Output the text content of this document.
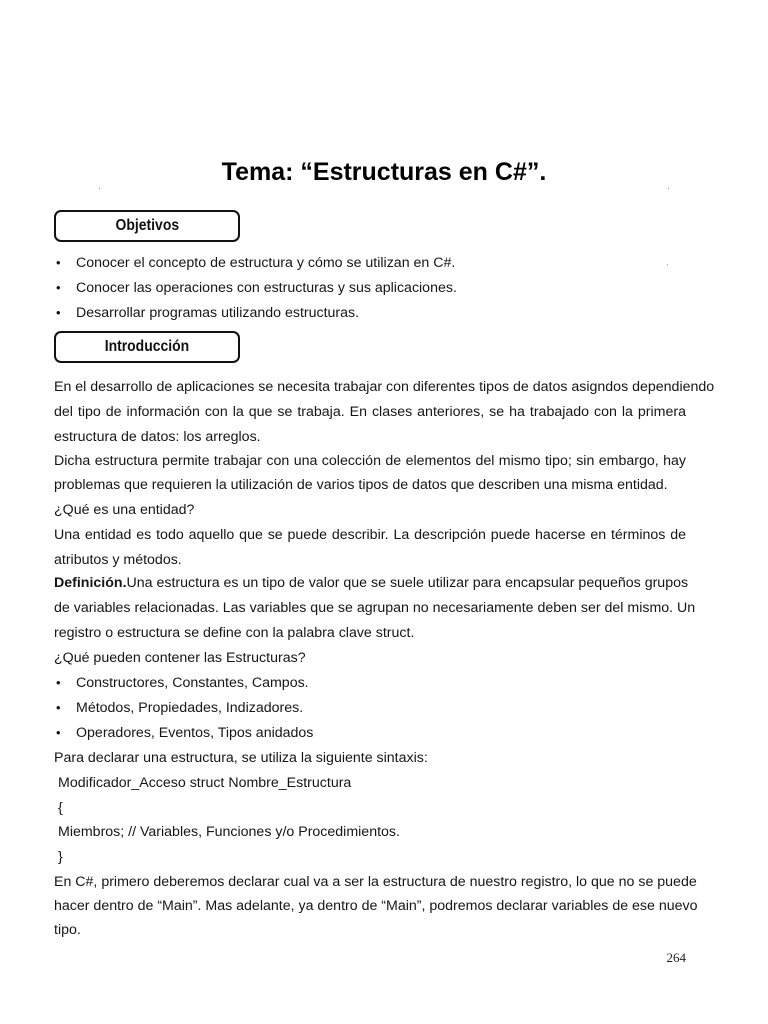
Tema: “Estructuras en C#”.
Objetivos
• Conocer el concepto de estructura y cómo se utilizan en C#.
• Conocer las operaciones con estructuras y sus aplicaciones.
• Desarrollar programas utilizando estructuras.
Introducción
En el desarrollo de aplicaciones se necesita trabajar con diferentes tipos de datos asigndos dependiendo
del tipo de información con la que se trabaja. En clases anteriores, se ha trabajado con la primera
estructura de datos: los arreglos.
Dicha estructura permite trabajar con una colección de elementos del mismo tipo; sin embargo, hay
problemas que requieren la utilización de varios tipos de datos que describen una misma entidad.
¿Qué es una entidad?
Una entidad es todo aquello que se puede describir. La descripción puede hacerse en términos de
atributos y métodos.
Definición.Una estructura es un tipo de valor que se suele utilizar para encapsular pequeños grupos
de variables relacionadas. Las variables que se agrupan no necesariamente deben ser del mismo. Un
registro o estructura se define con la palabra clave struct.
¿Qué pueden contener las Estructuras?
• Constructores, Constantes, Campos.
• Métodos, Propiedades, Indizadores.
• Operadores, Eventos, Tipos anidados
Para declarar una estructura, se utiliza la siguiente sintaxis:
Modificador_Acceso struct Nombre_Estructura
{
Miembros; // Variables, Funciones y/o Procedimientos.
}
En C#, primero deberemos declarar cual va a ser la estructura de nuestro registro, lo que no se puede
hacer dentro de “Main”. Mas adelante, ya dentro de “Main”, podremos declarar variables de ese nuevo
tipo.
264
